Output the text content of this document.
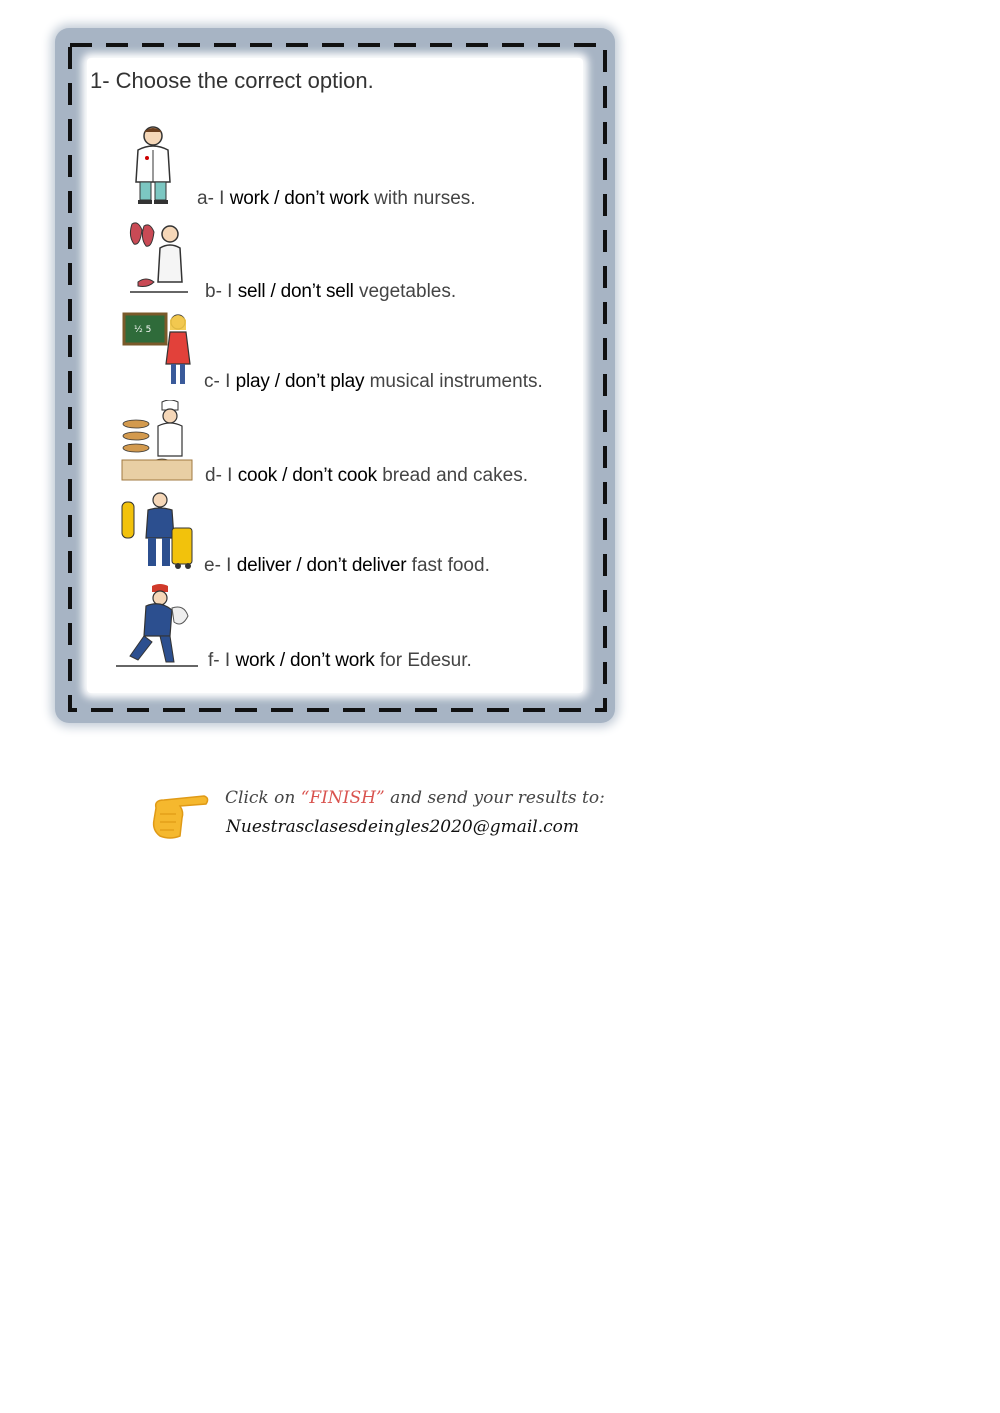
1- Choose the correct option.
a- I work / don’t work with nurses.
b- I sell / don’t sell vegetables.
½ 5
c- I play / don’t play musical instruments.
d- I cook / don’t cook bread and cakes.
e- I deliver / don’t deliver fast food.
f- I work / don’t work for Edesur.
Click on “FINISH” and send your results to:
Nuestrasclasesdeingles2020@gmail.com
